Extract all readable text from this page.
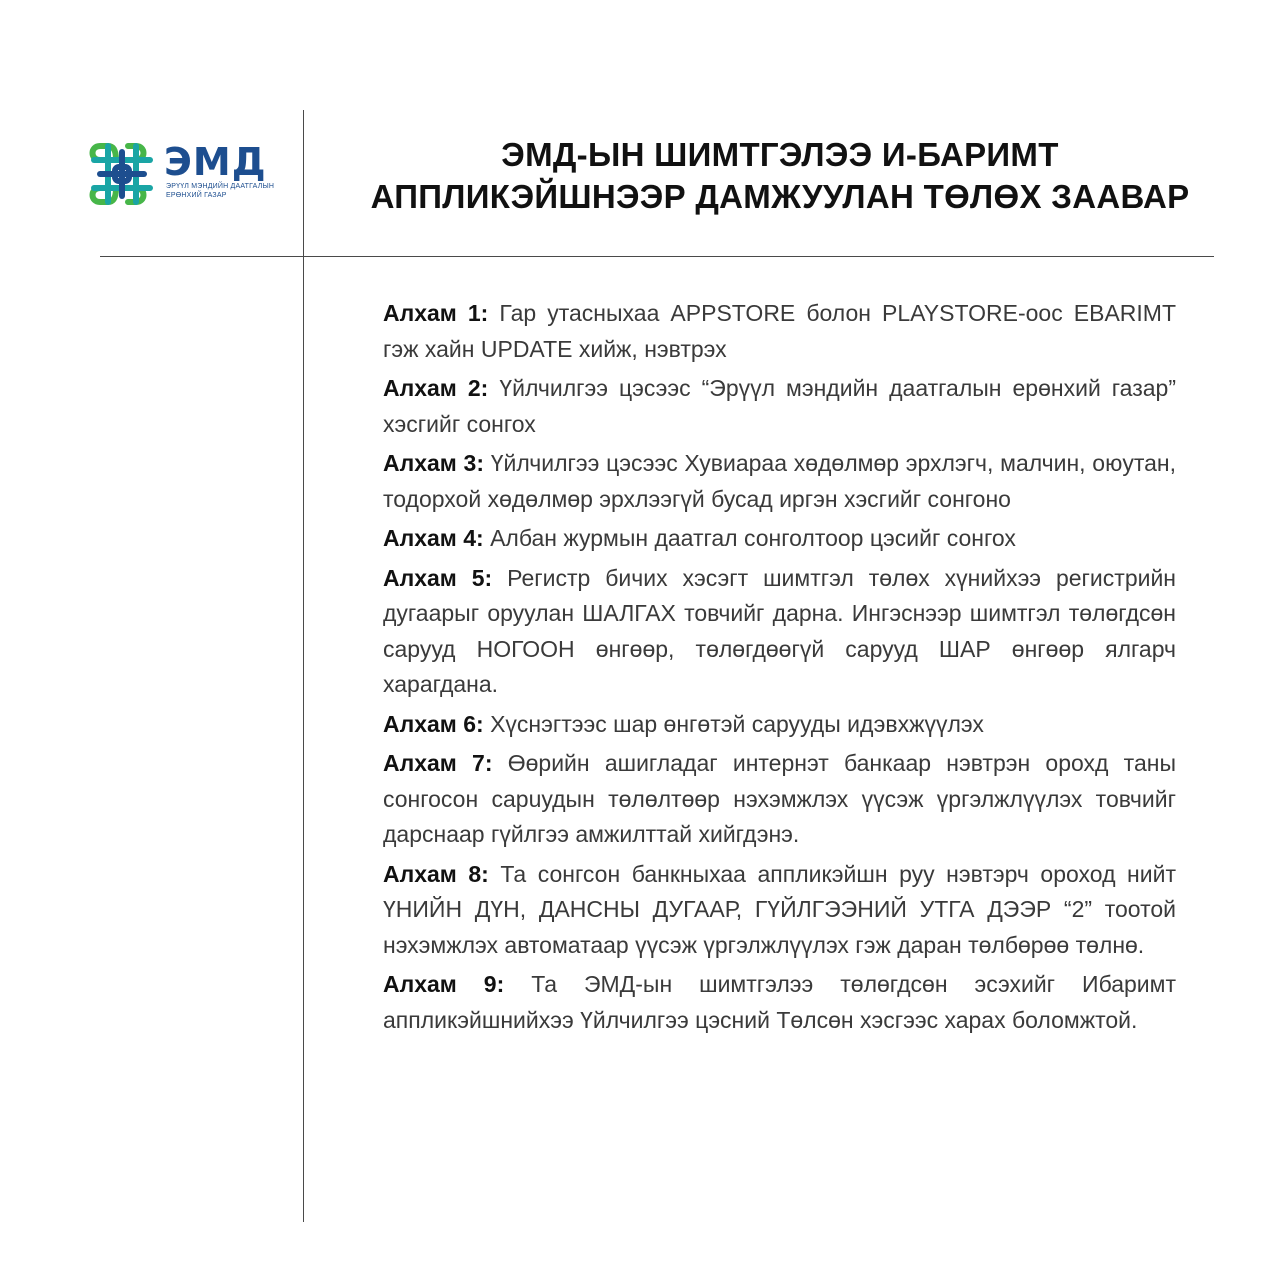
ЭМД
ЭРҮҮЛ МЭНДИЙН ДААТГАЛЫН ЕРӨНХИЙ ГАЗАР
ЭМД-ЫН ШИМТГЭЛЭЭ И-БАРИМТ
АППЛИКЭЙШНЭЭР ДАМЖУУЛАН ТӨЛӨХ ЗААВАР
Алхам 1: Гар утасныхаа APPSTORE болон PLAYSTORE-оос EBARIMT гэж хайн UPDATE хийж, нэвтрэх
Алхам 2: Үйлчилгээ цэсээс “Эрүүл мэндийн даатгалын ерөнхий газар” хэсгийг сонгох
Алхам 3: Үйлчилгээ цэсээс Хувиараа хөдөлмөр эрхлэгч, малчин, оюутан, тодорхой хөдөлмөр эрхлээгүй бусад иргэн хэсгийг сонгоно
Алхам 4: Албан журмын даатгал сонголтоор цэсийг сонгох
Алхам 5: Регистр бичих хэсэгт шимтгэл төлөх хүнийхээ регистрийн дугаарыг оруулан ШАЛГАХ товчийг дарна. Ингэснээр шимтгэл төлөгдсөн сарууд НОГООН өнгөөр, төлөгдөөгүй сарууд ШАР өнгөөр ялгарч харагдана.
Алхам 6: Хүснэгтээс шар өнгөтэй сарууды идэвхжүүлэх
Алхам 7: Өөрийн ашигладаг интернэт банкаар нэвтрэн орохд таны сонгосон сарuудын төлөлтөөр нэхэмжлэх үүсэж үргэлжлүүлэх товчийг дарснаар гүйлгээ амжилттай хийгдэнэ.
Алхам 8: Та сонгсон банкныхаа аппликэйшн руу нэвтэрч ороход нийт ҮНИЙН ДҮН, ДАНСНЫ ДУГААР, ГҮЙЛГЭЭНИЙ УТГА ДЭЭР “2” тоотой нэхэмжлэх автоматаар үүсэж үргэлжлүүлэх гэж даран төлбөрөө төлнө.
Алхам 9: Та ЭМД-ын шимтгэлээ төлөгдсөн эсэхийг Ибаримт аппликэйшнийхээ Үйлчилгээ цэсний Төлсөн хэсгээс харах боломжтой.
